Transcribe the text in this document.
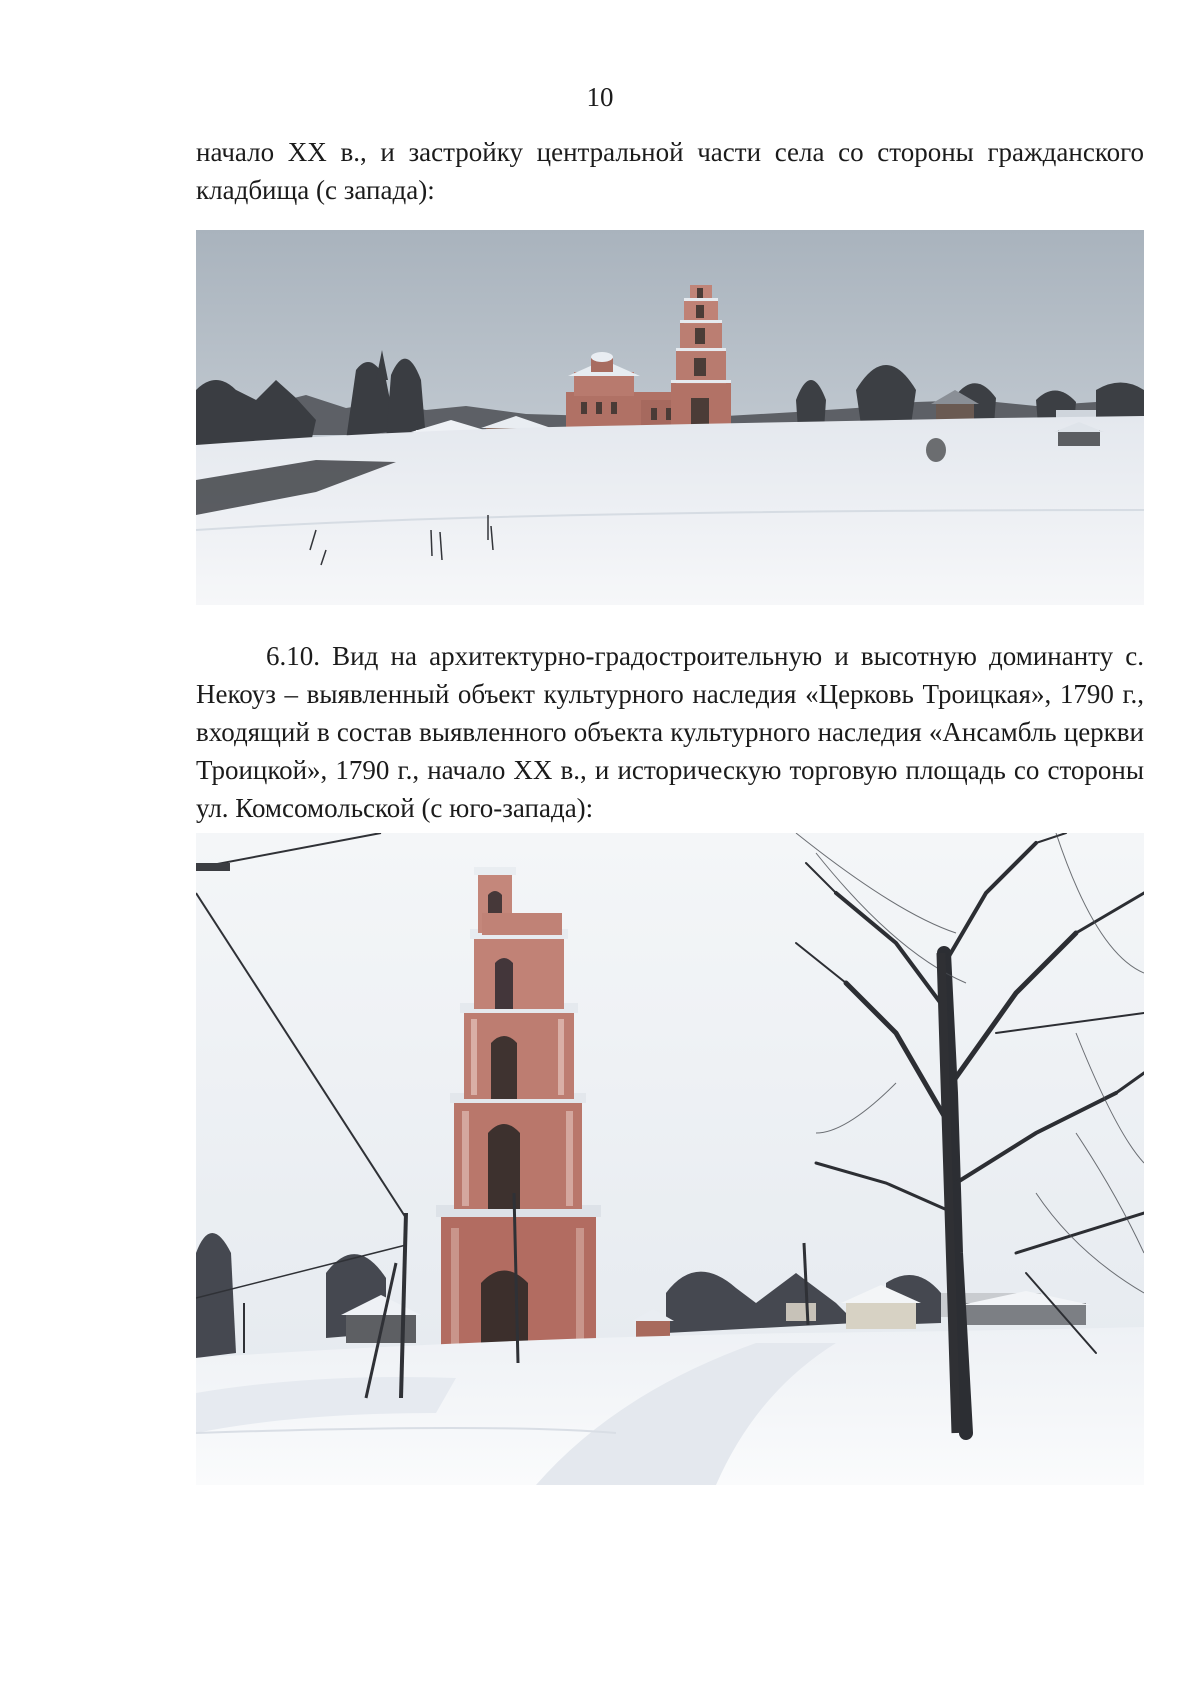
10

начало XX в., и застройку центральной части села со стороны гражданского кладбища (с запада):

6.10. Вид на архитектурно-градостроительную и высотную доминанту с. Некоуз – выявленный объект культурного наследия «Церковь Троицкая», 1790 г., входящий в состав выявленного объекта культурного наследия «Ансамбль церкви Троицкой», 1790 г., начало XX в., и историческую торговую площадь со стороны ул. Комсомольской (с юго-запада):
